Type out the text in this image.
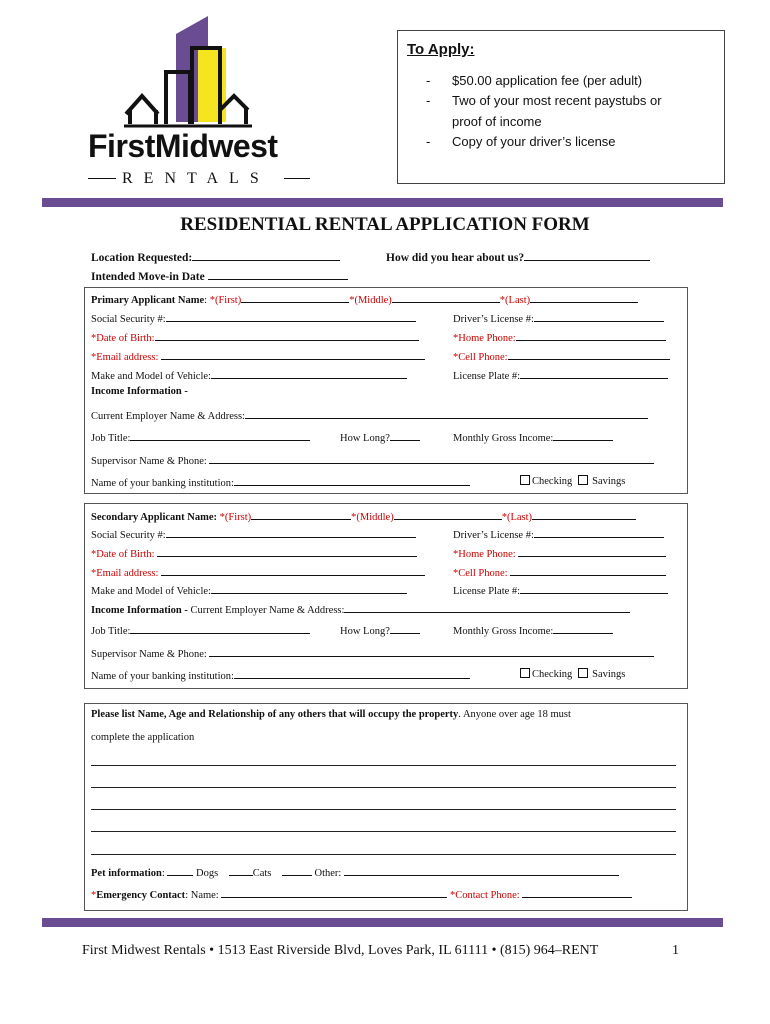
FirstMidwest
RENTALS
To Apply:
- $50.00 application fee (per adult)
- Two of your most recent paystubs or
proof of income
- Copy of your driver’s license
RESIDENTIAL RENTAL APPLICATION FORM
Location Requested:	How did you hear about us?
Intended Move-in Date
Primary Applicant Name: *(First)	*(Middle)	*(Last)
Social Security #:	Driver’s License #:
*Date of Birth:	*Home Phone:
*Email address:	*Cell Phone:
Make and Model of Vehicle:	License Plate #:
Income Information -
Current Employer Name & Address:
Job Title:	How Long?	Monthly Gross Income:
Supervisor Name & Phone:
Name of your banking institution:	Checking Savings
Secondary Applicant Name: *(First)	*(Middle)	*(Last)
Social Security #:	Driver’s License #:
*Date of Birth:	*Home Phone:
*Email address:	*Cell Phone:
Make and Model of Vehicle:	License Plate #:
Income Information - Current Employer Name & Address:
Job Title:	How Long?	Monthly Gross Income:
Supervisor Name & Phone:
Name of your banking institution:	Checking Savings
Please list Name, Age and Relationship of any others that will occupy the property. Anyone over age 18 must
complete the application
Pet information:	Dogs	Cats	Other:
*Emergency Contact: Name:	*Contact Phone:
First Midwest Rentals • 1513 East Riverside Blvd, Loves Park, IL 61111 • (815) 964–RENT	1
